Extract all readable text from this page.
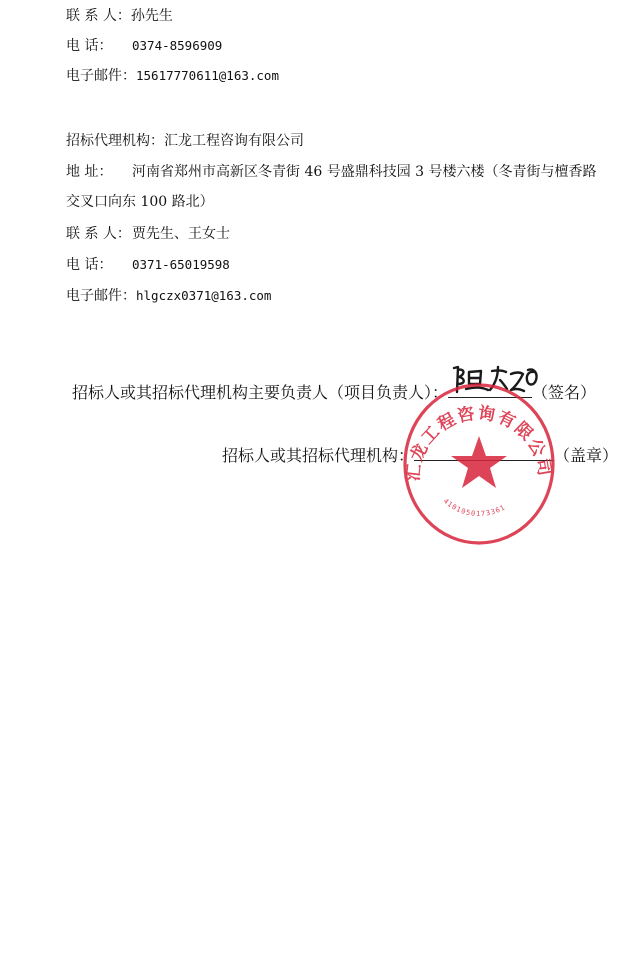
联 系 人：孙先生
电 话： 0374-8596909
电子邮件：15617770611@163.com
招标代理机构：汇龙工程咨询有限公司
地 址： 河南省郑州市高新区冬青街 46 号盛鼎科技园 3 号楼六楼（冬青街与檀香路
交叉口向东 100 路北）
联 系 人：贾先生、王女士
电 话： 0371-65019598
电子邮件：hlgczx0371@163.com
招标人或其招标代理机构主要负责人（项目负责人）：	（签名）
招标人或其招标代理机构：	（盖章）
汇龙工程咨询有限公司
4101050173361
